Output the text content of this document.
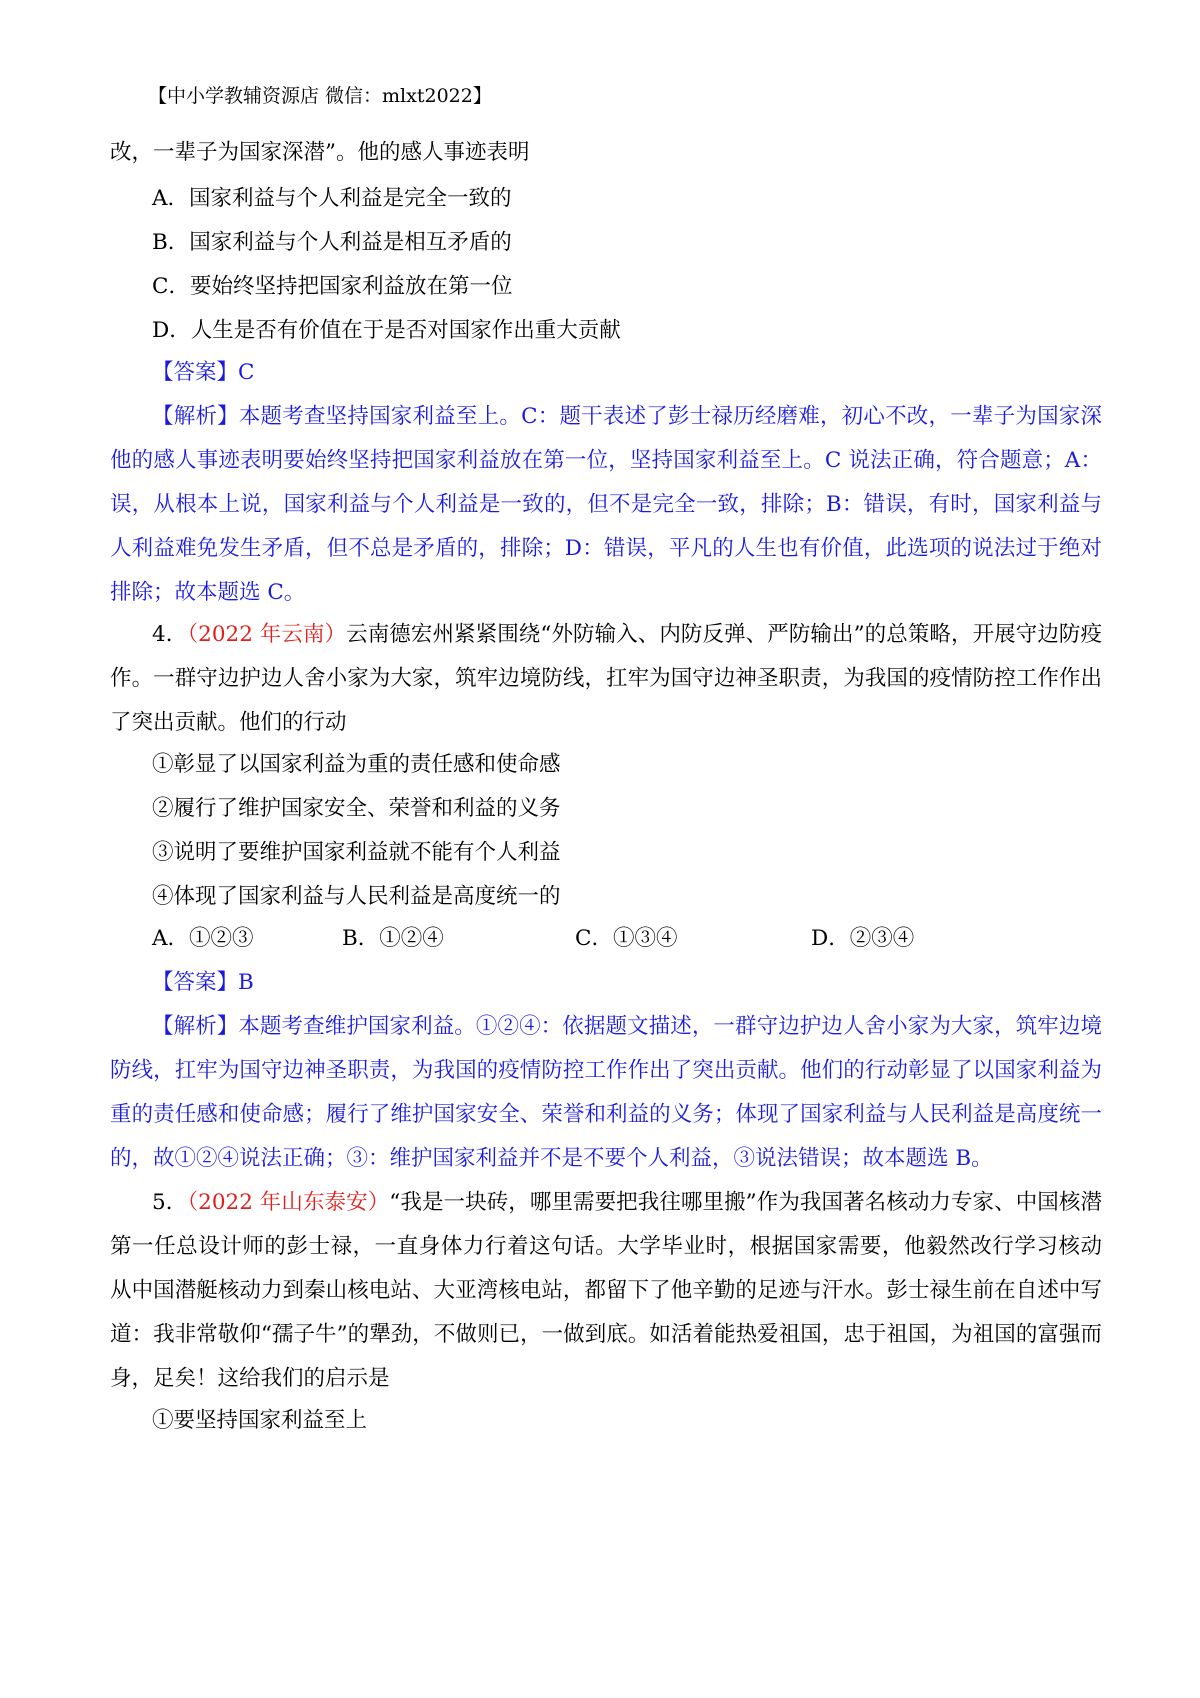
【中小学教辅资源店 微信：mlxt2022】
改，一辈子为国家深潜”。他的感人事迹表明
A．国家利益与个人利益是完全一致的
B．国家利益与个人利益是相互矛盾的
C．要始终坚持把国家利益放在第一位
D．人生是否有价值在于是否对国家作出重大贡献
【答案】C
【解析】本题考查坚持国家利益至上。C：题干表述了彭士禄历经磨难，初心不改，一辈子为国家深
他的感人事迹表明要始终坚持把国家利益放在第一位，坚持国家利益至上。C 说法正确，符合题意；A：
误，从根本上说，国家利益与个人利益是一致的，但不是完全一致，排除；B：错误，有时，国家利益与
人利益难免发生矛盾，但不总是矛盾的，排除；D：错误，平凡的人生也有价值，此选项的说法过于绝对
排除；故本题选 C。
4．（2022 年云南）云南德宏州紧紧围绕“外防输入、内防反弹、严防输出”的总策略，开展守边防疫
作。一群守边护边人舍小家为大家，筑牢边境防线，扛牢为国守边神圣职责，为我国的疫情防控工作作出
了突出贡献。他们的行动
①彰显了以国家利益为重的责任感和使命感
②履行了维护国家安全、荣誉和利益的义务
③说明了要维护国家利益就不能有个人利益
④体现了国家利益与人民利益是高度统一的
A．①②③	B．①②④	C．①③④	D．②③④
【答案】B
【解析】本题考查维护国家利益。①②④：依据题文描述，一群守边护边人舍小家为大家，筑牢边境
防线，扛牢为国守边神圣职责，为我国的疫情防控工作作出了突出贡献。他们的行动彰显了以国家利益为
重的责任感和使命感；履行了维护国家安全、荣誉和利益的义务；体现了国家利益与人民利益是高度统一
的，故①②④说法正确；③：维护国家利益并不是不要个人利益，③说法错误；故本题选 B。
5．（2022 年山东泰安）“我是一块砖，哪里需要把我往哪里搬”作为我国著名核动力专家、中国核潜
第一任总设计师的彭士禄，一直身体力行着这句话。大学毕业时，根据国家需要，他毅然改行学习核动
从中国潜艇核动力到秦山核电站、大亚湾核电站，都留下了他辛勤的足迹与汗水。彭士禄生前在自述中写
道：我非常敬仰“孺子牛”的犟劲，不做则已，一做到底。如活着能热爱祖国，忠于祖国，为祖国的富强而
身，足矣！这给我们的启示是
①要坚持国家利益至上
